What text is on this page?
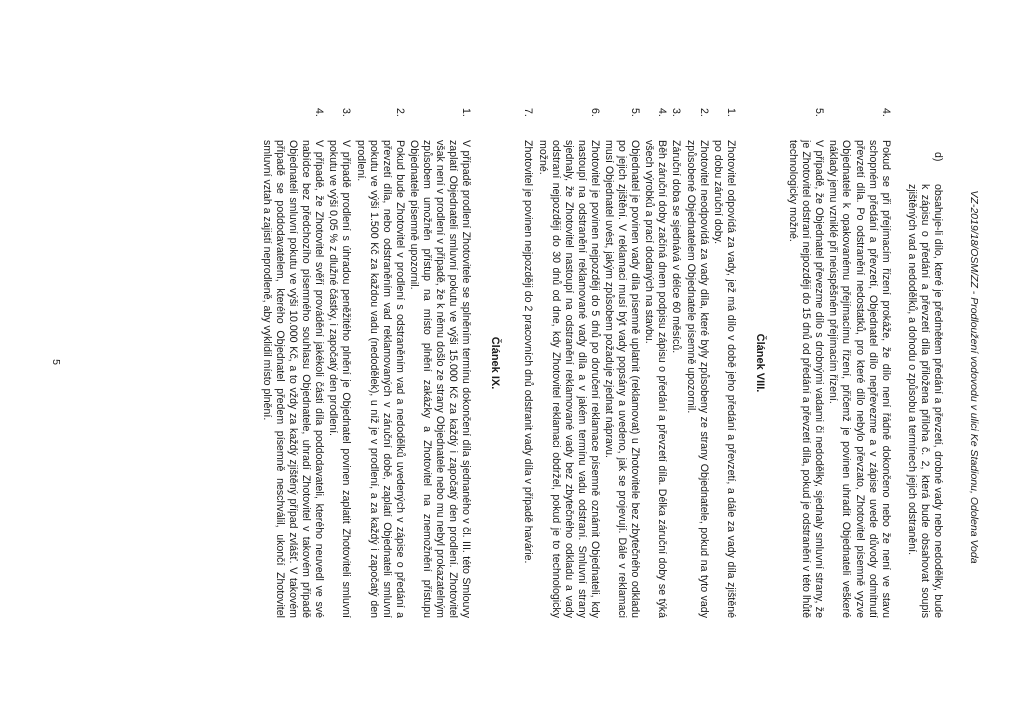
VZ-2019/18/OSM/ZZ - Prodloužení vodovodu v ulici Ke Stadionu, Odolena Voda
d)
obsahuje-li dílo, které je předmětem předání a převzetí, drobné vady nebo nedodělky, bude k zápisu o předání a převzetí díla přiložena příloha č. 2, která bude obsahovat soupis zjištěných vad a nedodělků, a dohodu o způsobu a termínech jejich odstranění.
4.
Pokud se při přejímacím řízení prokáže, že dílo není řádně dokončeno nebo že není ve stavu schopném předání a převzetí, Objednatel dílo nepřevezme a v zápise uvede důvody odmítnutí převzetí díla. Po odstranění nedostatků, pro které dílo nebylo převzato, Zhotovitel písemně vyzve Objednatele k opakovanému přejímacímu řízení, přičemž je povinen uhradit Objednateli veškeré náklady jemu vzniklé při neúspěšném přejímacím řízení.
5.
V případě, že Objednatel převezme dílo s drobnými vadami či nedodělky, sjednaly smluvní strany, že je Zhotovitel odstraní nejpozději do 15 dnů od předání a převzetí díla, pokud je odstranění v této lhůtě technologicky možné.
Článek VIII.
1.
Zhotovitel odpovídá za vady, jež má dílo v době jeho předání a převzetí, a dále za vady díla zjištěné po dobu záruční doby.
2.
Zhotovitel neodpovídá za vady díla, které byly způsobeny ze strany Objednatele, pokud na tyto vady způsobené Objednatelem Objednatele písemně upozornil.
3.
Záruční doba se sjednává v délce 60 měsíců.
4.
Běh záruční doby začíná dnem podpisu zápisu o předání a převzetí díla. Délka záruční doby se týká všech výrobků a prací dodaných na stavbu.
5.
Objednatel je povinen vady díla písemně uplatnit (reklamovat) u Zhotovitele bez zbytečného odkladu po jejich zjištění. V reklamaci musí být vady popsány a uvedeno, jak se projevují. Dále v reklamaci musí Objednatel uvést, jakým způsobem požaduje zjednat nápravu.
6.
Zhotovitel je povinen nejpozději do 5 dnů po doručení reklamace písemně oznámit Objednateli, kdy nastoupí na odstranění reklamované vady díla a v jakém termínu vadu odstraní. Smluvní strany sjednaly, že Zhotovitel nastoupí na odstranění reklamované vady bez zbytečného odkladu a vady odstraní nejpozději do 30 dnů od dne, kdy Zhotovitel reklamaci obdržel, pokud je to technologicky možné.
7.
Zhotovitel je povinen nejpozději do 2 pracovních dnů odstranit vady díla v případě havárie.
Článek IX.
1.
V případě prodlení Zhotovitele se splněním termínu dokončení díla sjednaného v čl. III. této Smlouvy zaplatí Objednateli smluvní pokutu ve výši 15.000 Kč za každý i započatý den prodlení. Zhotovitel však není v prodlení v případě, že k němu došlo ze strany Objednatele nebo mu nebyl prokazatelným způsobem umožněn přístup na místo plnění zakázky a Zhotovitel na znemožnění přístupu Objednatele písemně upozornil.
2.
Pokud bude Zhotovitel v prodlení s odstraněním vad a nedodělků uvedených v zápise o předání a převzetí díla, nebo odstraněním vad reklamovaných v záruční době, zaplatí Objednateli smluvní pokutu ve výši 1.500 Kč za každou vadu (nedodělek), u níž je v prodlení, a za každý i započatý den prodlení.
3.
V případě prodlení s úhradou peněžitého plnění je Objednatel povinen zaplatit Zhotoviteli smluvní pokutu ve výši 0,05 % z dlužné částky, i započatý den prodlení.
4.
V případě, že Zhotovitel svěří provádění jakékoli části díla poddodavateli, kterého neuvedl ve své nabídce bez předchozího písemného souhlasu Objednatele, uhradí Zhotovitel v takovém případě Objednateli smluvní pokutu ve výši 10.000 Kč, a to vždy za každý zjištěný případ zvlášť. V takovém případě se poddodavatelem, kterého Objednatel předem písemně neschválil, ukončí Zhotovitel smluvní vztah a zajistí neprodleně, aby vyklidil místo plnění.
5
